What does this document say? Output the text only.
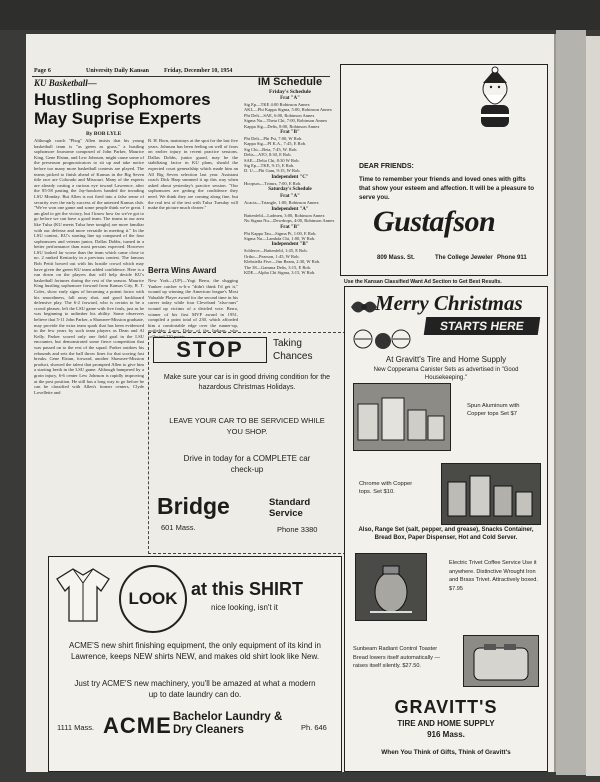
Page 6	University Daily Kansan Friday, December 10, 1954
KU Basketball—
Hustling Sophomores May Suprise Experts
By BOB LYLE
Although coach "Phog" Allen insists that his young basketball team is "as green as grass," a hustling sophomore foursome composed of John Parker, Maurice King, Gene Elstun, and Lew Johnson, might cause some of the preseason prognosticators to sit up and take notice before too many more basketball contests are played. The teams picked to finish ahead of Kansas in the Big Seven title race are Colorado and Missouri. Many of the experts are already casting a curious eye toward Lawrence, after the 85-58 pasting the Jay-hawkers handed the invading LSU Monday. But Allen is not fired into a false sense of security over the early success of the untested Kansas club. "We've won one game and some people think we're great. I am glad to get the victory, but I know how far we've got to go before we can have a good team. The teams in our area like Tulsa (KU meets Tulsa here tonight) are more familiar with our defense and more versatile in meeting it." In the LSU contest, KU's starting line up composed of the four sophomores and veteran junior, Dallas Dobbs, turned in a better performance than most persons expected. However LSU looked far worse than the team which came close to no. 2 ranked Kentucky in a previous contest. The famous Bob Pettit bowed out with his hostile crowd which may have given the green KU team added confidence. Here is a run down on the players that will help decide KU's basketball fortunes during the rest of the season. Maurice King hustling sophomore forward from Kansas City, R. T. Coles, show early signs of becoming a potent factor with his smoothness, fall away shot, and good backboard defensive play. The 6-2 forward, who is certain to be a crowd pleaser, left the LSU game with five fouls, just as he was beginning to unlimber his ability. Some observers believe that 5-11 John Parker, a Shawnee-Mission graduate, may provide the extra team spark that has been evidenced in the few years by such team players as Dean and Al Kelly. Parker scored only one field goal in the LSU encounter, but demonstrated some fierce competition that was passed on to the rest of the squad. Parker outdoes his rebounds and sets the ball throw lines for that scoring fast breaks. Gene Elstun, forward, another Shawnee-Mission product, showed the talent that prompted Allen to give him a starting berth in the LSU game. Although hampered by a groin injury, 6-6 center Lew Johnson is rapidly improving at the post position. He still has a long way to go before he can be classified with Allen's former centers, Clyde Lovellette and
B. H. Born, mainstays at the spot for the last five years. Johnson has been feeling on well of fears on earlier injury in recent practice sessions. Dallas Dobbs, junior guard, may be the stabilizing factor in KU plans, should the expected court generalship which made him an All Big Seven selection last year. Assistant coach Dick Harp summed it up this way when asked about yesterday's practice session. "Our sophomores are getting the confidence they need. We think they are coming along fine, but the real test of the test with Tulsa Tuesday will make the picture much clearer."
Berra Wins Award
New York—(UP)—Yogi Berra, the slugging Yankee catcher w-h-o "didn't think I'd get it," wound up winning the American league's Most Valuable Player award for the second time in his career today while four Cleveland "also-rans" wound up victims of a divided vote. Berra, winner of his first MVP award in 1951, compiled a point total of 230, which afforded him a comfortable edge over the runner-up, outfielder Larry Doby of the Indians, who collected 210 points.
IM Schedule
Friday's Schedule
Frat "A"
Sig Ep—TKE 4:00 Robinson Annex
AKL—Phi Kappa Sigma, 5:00, Robinson Annex
Phi Delt—SAE, 6:00, Robinson Annex
Sigma Nu—Theta Chi, 7:00, Robinson Annex
Kappa Sig—Delts, 8:00, Robinson Annex
Frat "B"
Phi Delt—Phi Psi, 7:00, W Rob.
Kappa Sig—PI K.A., 7:45, E Rob.
Sig Chi—Beta, 7:45, W. Rob.
Delts—ATO, 8:30, E Rob.
SAE—Delta Chi, 8:30 W Rob.
Sig Ep—TKE, 9:15, E Rob.
D. U.—Phi Gam, 9:15, W Rob.
Independent "C"
Hoopsos—Trimrs, 7:00, E Rob.
Saturday's Schedule
Frat "A"
Acacia—Triangle, 1:00, Robinson Annex
Independent "A"
Battenfeld—Ladmen, 3:00, Robinson Annex
Nu Sigma Nu—Dewdrops, 4:00, Robinson Annex
Frat "B"
Phi Kappa Tau—Sigma Pi, 1:00, E Rob.
Sigma Nu—Lambda Chi, 1:00, W Rob.
Independent "B"
Schlerce—Battenfeld, 1:45, E Rob.
Ortho—Pearson, 1:45, W Rob.
Klebsiella Five—Jim Beam, 2:30, W Rob.
The 38—Gamma Delts, 3:15, E Rob.
KDE—Alpha Chi Sigma, 3:15, W Rob.
DEAR FRIENDS:
Time to remember your friends and loved ones with gifts that show your esteem and affection. It will be a pleasure to serve you.
Gustafson
809 Mass. St.	The College Jeweler Phone 911
Use the Kansan Classified Want Ad Section to Get Best Results.
STOP	Taking Chances
Make sure your car is in good driving condition for the hazardous Christmas Holidays.
LEAVE YOUR CAR TO BE SERVICED WHILE YOU SHOP.
Drive in today for a COMPLETE car check-up
Bridge
601 Mass.
Standard Service
Phone 3380
LOOK at this SHIRT
nice looking, isn't it
ACME'S new shirt finishing equipment, the only equipment of its kind in Lawrence, keeps NEW shirts NEW, and makes old shirt look like New.
Just try ACME'S new machinery, you'll be amazed at what a modern up to date laundry can do.
1111 Mass. ACME Bachelor Laundry & Dry Cleaners	Ph. 646
Merry Christmas
STARTS HERE
At Gravitt's Tire and Home Supply
New Copperama Canister Sets as advertised in "Good Housekeeping."
Spun Aluminum with Copper tops Set $7
Chrome with Copper tops. Set $10.
Also, Range Set (salt, pepper, and grease), Snacks Container, Bread Box, Paper Dispenser, Hot and Cold Server.
Electric Trivet Coffee Service Use it anywhere. Distinctive Wrought Iron and Brass Trivet. Attractively boxed. $7.95
Sunbeam Radiant Control Toaster Bread lowers itself automatically — raises itself silently. $27.50.
GRAVITT'S
TIRE AND HOME SUPPLY
916 Mass.
When You Think of Gifts, Think of Gravitt's
